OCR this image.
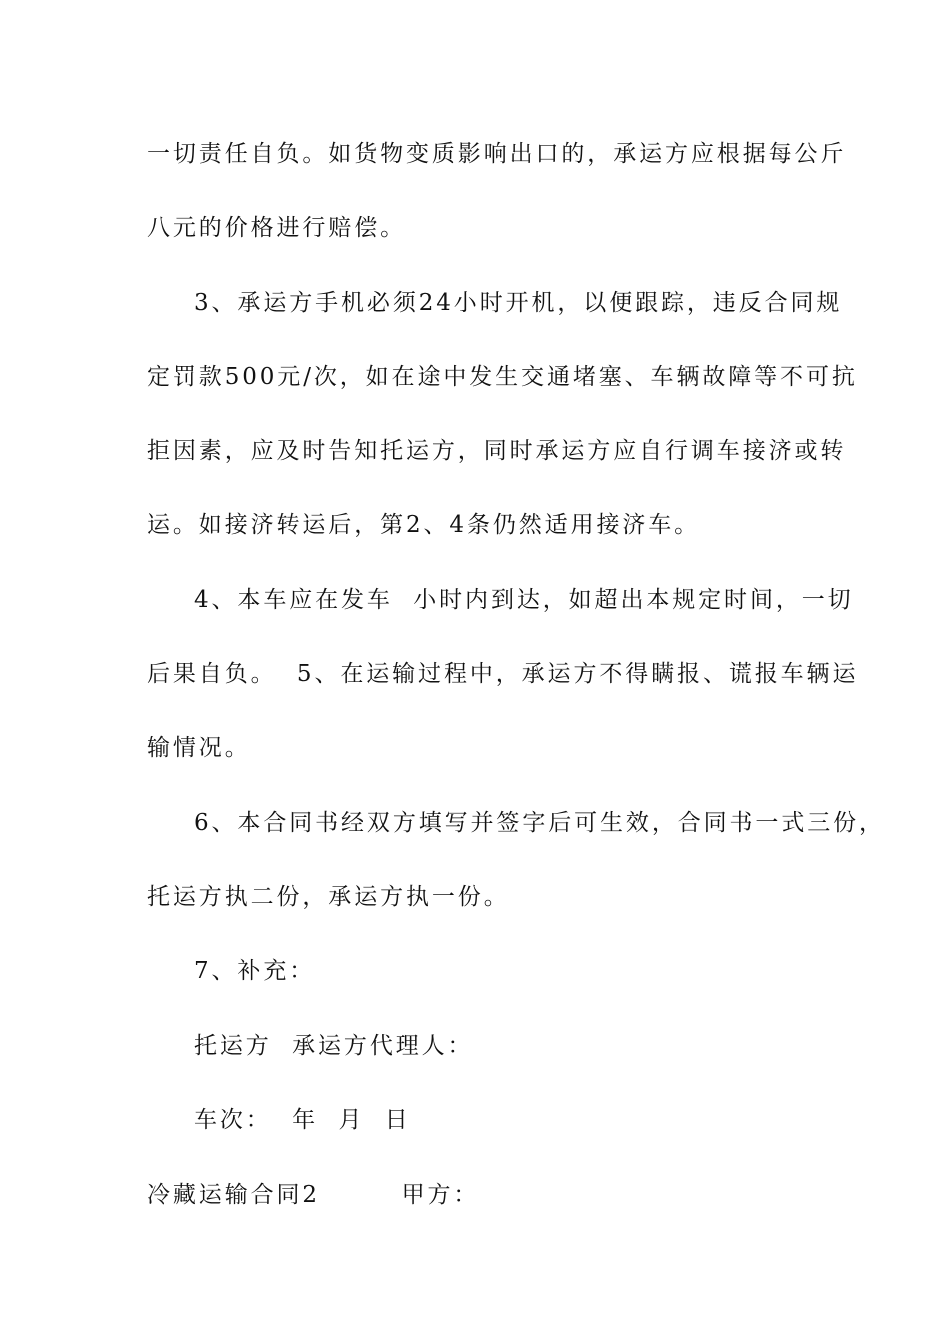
一切责任自负。如货物变质影响出口的，承运方应根据每公斤
八元的价格进行赔偿。
3、承运方手机必须24小时开机，以便跟踪，违反合同规
定罚款500元/次，如在途中发生交通堵塞、车辆故障等不可抗
拒因素，应及时告知托运方，同时承运方应自行调车接济或转
运。如接济转运后，第2、4条仍然适用接济车。
4、本车应在发车  小时内到达，如超出本规定时间，一切
后果自负。  5、在运输过程中，承运方不得瞒报、谎报车辆运
输情况。
6、本合同书经双方填写并签字后可生效，合同书一式三份，
托运方执二份，承运方执一份。
7、补充：
托运方  承运方代理人：
车次：  年  月  日
冷藏运输合同2        甲方：
